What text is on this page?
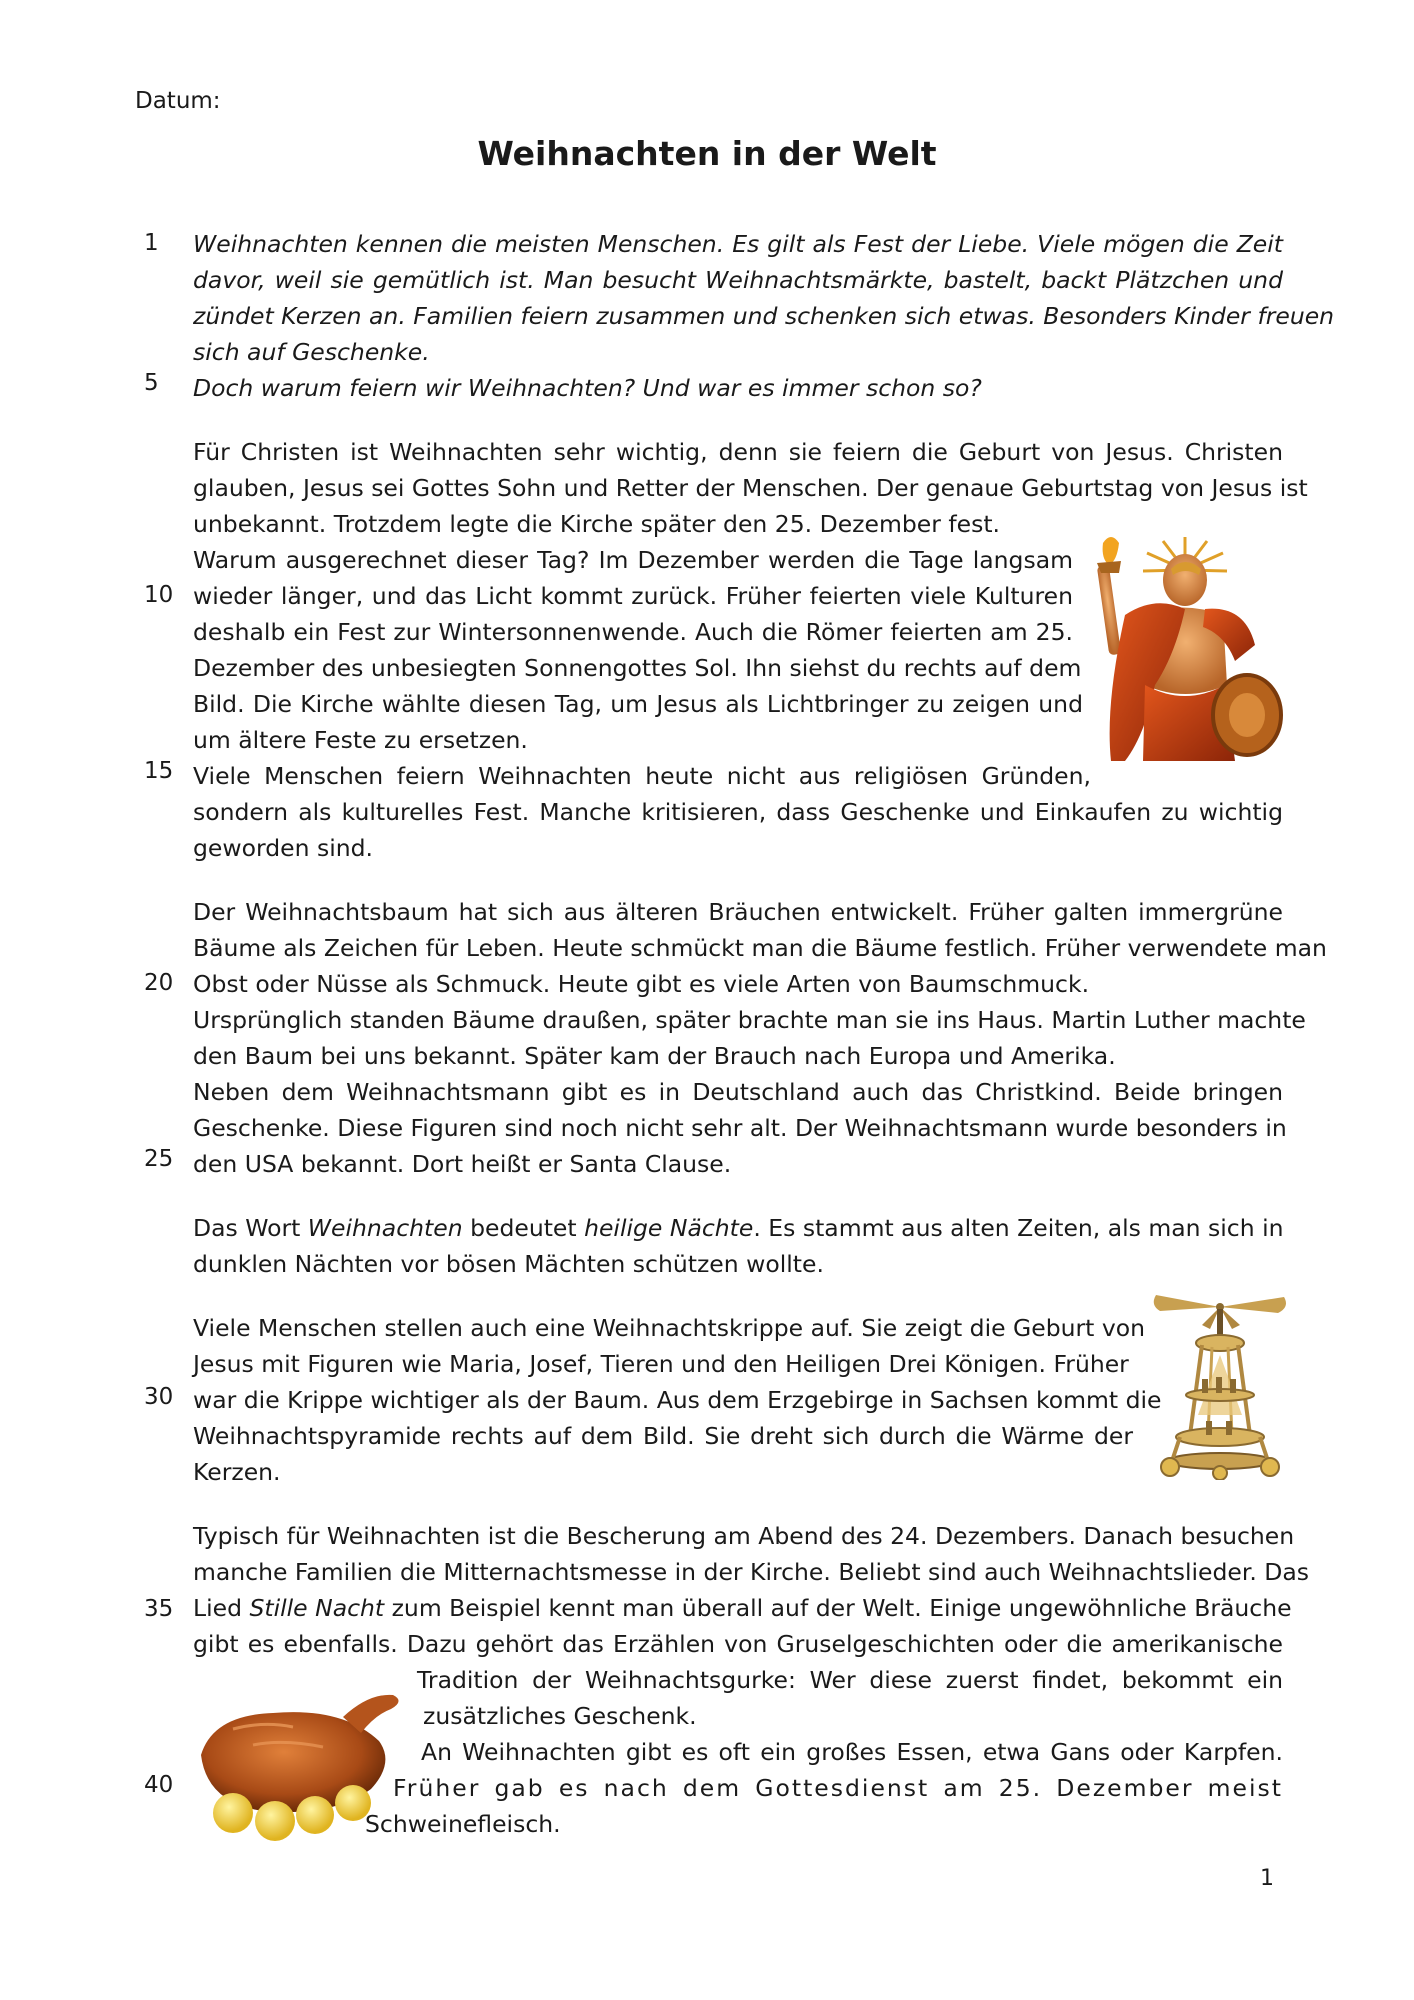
Datum:
Weihnachten in der Welt
1
5
10
15
20
25
30
35
40
Weihnachten kennen die meisten Menschen. Es gilt als Fest der Liebe. Viele mögen die Zeit
davor, weil sie gemütlich ist. Man besucht Weihnachtsmärkte, bastelt, backt Plätzchen und
zündet Kerzen an. Familien feiern zusammen und schenken sich etwas. Besonders Kinder freuen
sich auf Geschenke.
Doch warum feiern wir Weihnachten? Und war es immer schon so?
Für Christen ist Weihnachten sehr wichtig, denn sie feiern die Geburt von Jesus. Christen
glauben, Jesus sei Gottes Sohn und Retter der Menschen. Der genaue Geburtstag von Jesus ist
unbekannt. Trotzdem legte die Kirche später den 25. Dezember fest.
Warum ausgerechnet dieser Tag? Im Dezember werden die Tage langsam
wieder länger, und das Licht kommt zurück. Früher feierten viele Kulturen
deshalb ein Fest zur Wintersonnenwende. Auch die Römer feierten am 25.
Dezember des unbesiegten Sonnengottes Sol. Ihn siehst du rechts auf dem
Bild. Die Kirche wählte diesen Tag, um Jesus als Lichtbringer zu zeigen und
um ältere Feste zu ersetzen.
Viele Menschen feiern Weihnachten heute nicht aus religiösen Gründen,
sondern als kulturelles Fest. Manche kritisieren, dass Geschenke und Einkaufen zu wichtig
geworden sind.
Der Weihnachtsbaum hat sich aus älteren Bräuchen entwickelt. Früher galten immergrüne
Bäume als Zeichen für Leben. Heute schmückt man die Bäume festlich. Früher verwendete man
Obst oder Nüsse als Schmuck. Heute gibt es viele Arten von Baumschmuck.
Ursprünglich standen Bäume draußen, später brachte man sie ins Haus. Martin Luther machte
den Baum bei uns bekannt. Später kam der Brauch nach Europa und Amerika.
Neben dem Weihnachtsmann gibt es in Deutschland auch das Christkind. Beide bringen
Geschenke. Diese Figuren sind noch nicht sehr alt. Der Weihnachtsmann wurde besonders in
den USA bekannt. Dort heißt er Santa Clause.
Das Wort Weihnachten bedeutet heilige Nächte. Es stammt aus alten Zeiten, als man sich in
dunklen Nächten vor bösen Mächten schützen wollte.
Viele Menschen stellen auch eine Weihnachtskrippe auf. Sie zeigt die Geburt von
Jesus mit Figuren wie Maria, Josef, Tieren und den Heiligen Drei Königen. Früher
war die Krippe wichtiger als der Baum. Aus dem Erzgebirge in Sachsen kommt die
Weihnachtspyramide rechts auf dem Bild. Sie dreht sich durch die Wärme der
Kerzen.
Typisch für Weihnachten ist die Bescherung am Abend des 24. Dezembers. Danach besuchen
manche Familien die Mitternachtsmesse in der Kirche. Beliebt sind auch Weihnachtslieder. Das
Lied Stille Nacht zum Beispiel kennt man überall auf der Welt. Einige ungewöhnliche Bräuche
gibt es ebenfalls. Dazu gehört das Erzählen von Gruselgeschichten oder die amerikanische
Tradition der Weihnachtsgurke: Wer diese zuerst findet, bekommt ein
zusätzliches Geschenk.
An Weihnachten gibt es oft ein großes Essen, etwa Gans oder Karpfen.
Früher gab es nach dem Gottesdienst am 25. Dezember meist
Schweinefleisch.
1
